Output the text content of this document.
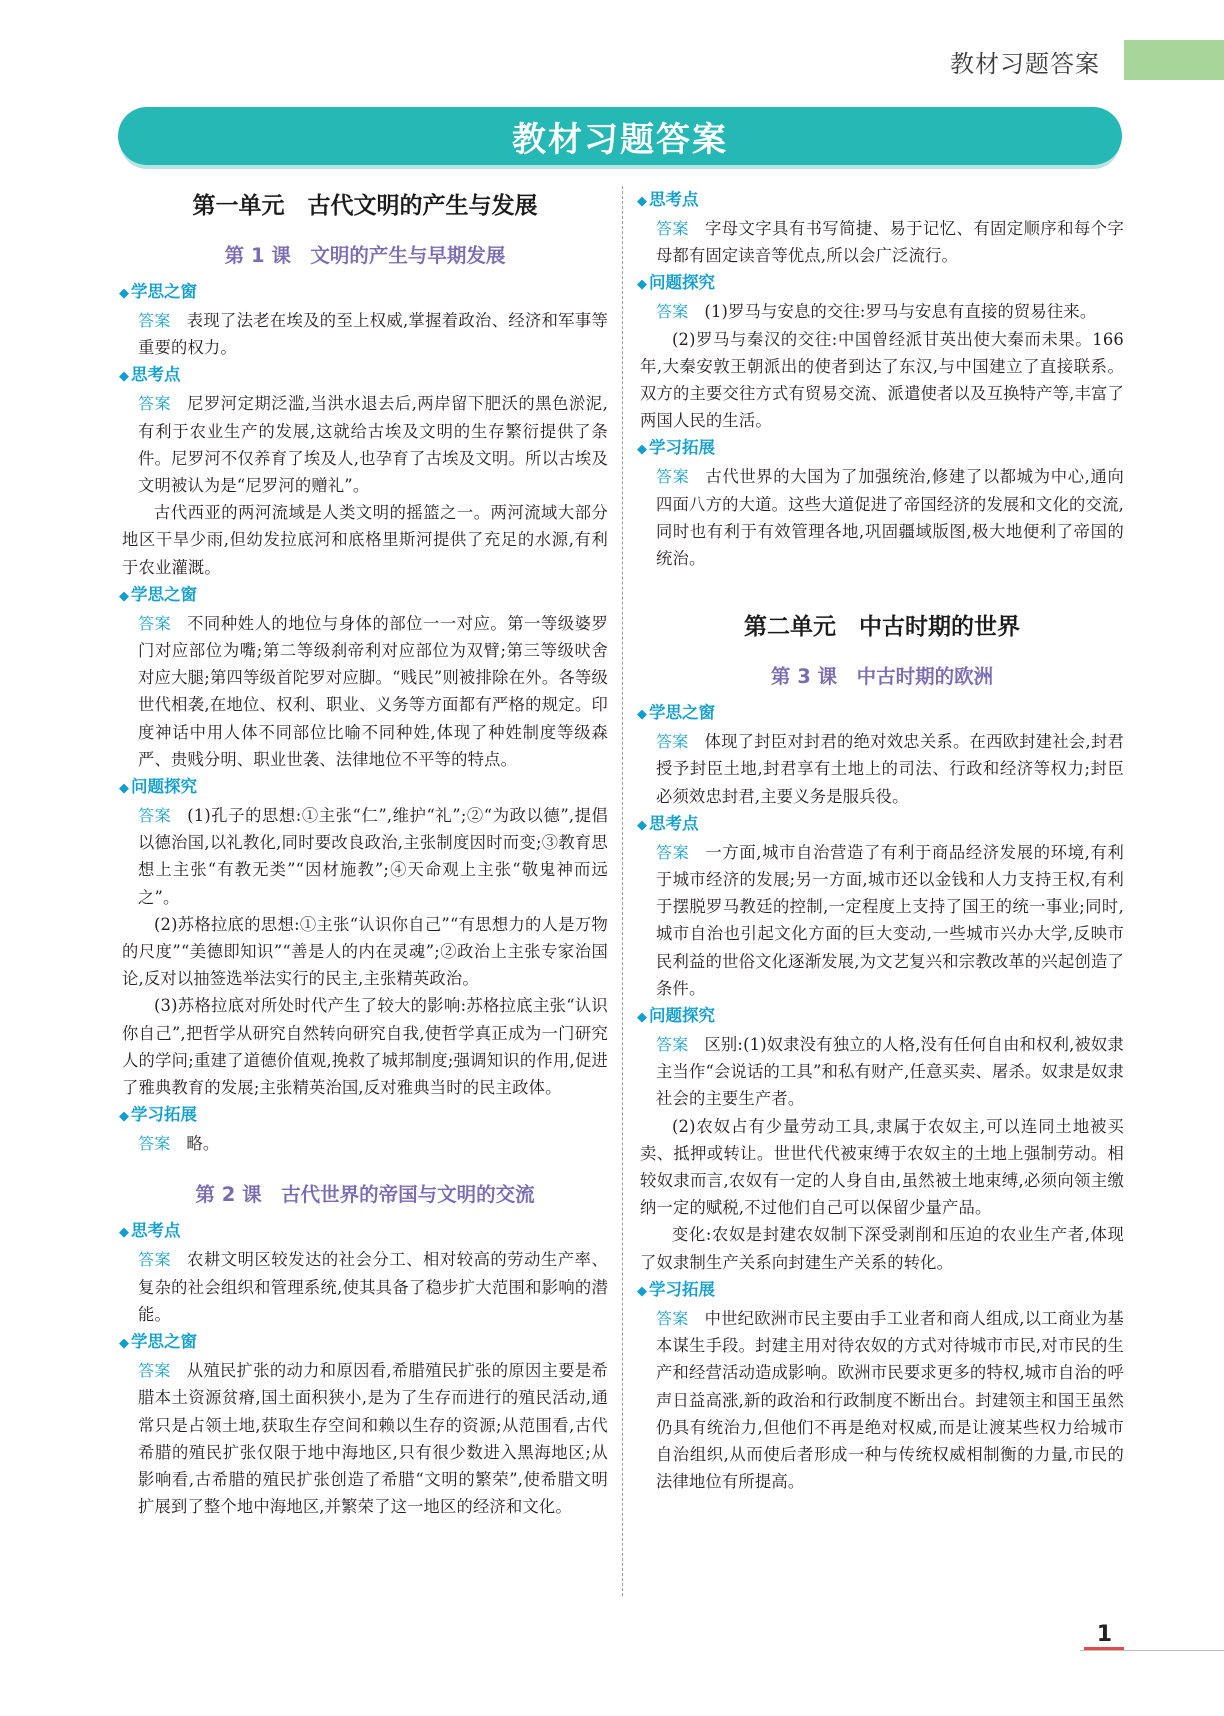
教材习题答案
教材习题答案
第一单元　古代文明的产生与发展
第 1 课　文明的产生与早期发展
◆ 学思之窗

答案 表现了法老在埃及的至上权威,掌握着政治、经济和军事等重要的权力。

◆ 思考点

答案 尼罗河定期泛滥,当洪水退去后,两岸留下肥沃的黑色淤泥,有利于农业生产的发展,这就给古埃及文明的生存繁衍提供了条件。尼罗河不仅养育了埃及人,也孕育了古埃及文明。所以古埃及文明被认为是“尼罗河的赠礼”。

古代西亚的两河流域是人类文明的摇篮之一。两河流域大部分地区干旱少雨,但幼发拉底河和底格里斯河提供了充足的水源,有利于农业灌溉。

◆ 学思之窗

答案 不同种姓人的地位与身体的部位一一对应。第一等级婆罗门对应部位为嘴;第二等级刹帝利对应部位为双臂;第三等级吠舍对应大腿;第四等级首陀罗对应脚。“贱民”则被排除在外。各等级世代相袭,在地位、权利、职业、义务等方面都有严格的规定。印度神话中用人体不同部位比喻不同种姓,体现了种姓制度等级森严、贵贱分明、职业世袭、法律地位不平等的特点。

◆ 问题探究

答案 (1)孔子的思想:①主张“仁”,维护“礼”;②“为政以德”,提倡以德治国,以礼教化,同时要改良政治,主张制度因时而变;③教育思想上主张“有教无类”“因材施教”;④天命观上主张“敬鬼神而远之”。

(2)苏格拉底的思想:①主张“认识你自己”“有思想力的人是万物的尺度”“美德即知识”“善是人的内在灵魂”;②政治上主张专家治国论,反对以抽签选举法实行的民主,主张精英政治。

(3)苏格拉底对所处时代产生了较大的影响:苏格拉底主张“认识你自己”,把哲学从研究自然转向研究自我,使哲学真正成为一门研究人的学问;重建了道德价值观,挽救了城邦制度;强调知识的作用,促进了雅典教育的发展;主张精英治国,反对雅典当时的民主政体。

◆ 学习拓展

答案 略。

第 2 课　古代世界的帝国与文明的交流
◆ 思考点

答案 农耕文明区较发达的社会分工、相对较高的劳动生产率、复杂的社会组织和管理系统,使其具备了稳步扩大范围和影响的潜能。

◆ 学思之窗

答案 从殖民扩张的动力和原因看,希腊殖民扩张的原因主要是希腊本土资源贫瘠,国土面积狭小,是为了生存而进行的殖民活动,通常只是占领土地,获取生存空间和赖以生存的资源;从范围看,古代希腊的殖民扩张仅限于地中海地区,只有很少数进入黑海地区;从影响看,古希腊的殖民扩张创造了希腊“文明的繁荣”,使希腊文明扩展到了整个地中海地区,并繁荣了这一地区的经济和文化。

◆ 思考点

答案 字母文字具有书写简捷、易于记忆、有固定顺序和每个字母都有固定读音等优点,所以会广泛流行。

◆ 问题探究

答案 (1)罗马与安息的交往:罗马与安息有直接的贸易往来。

(2)罗马与秦汉的交往:中国曾经派甘英出使大秦而未果。166 年,大秦安敦王朝派出的使者到达了东汉,与中国建立了直接联系。双方的主要交往方式有贸易交流、派遣使者以及互换特产等,丰富了两国人民的生活。

◆ 学习拓展

答案 古代世界的大国为了加强统治,修建了以都城为中心,通向四面八方的大道。这些大道促进了帝国经济的发展和文化的交流,同时也有利于有效管理各地,巩固疆域版图,极大地便利了帝国的统治。

第二单元　中古时期的世界
第 3 课　中古时期的欧洲
◆ 学思之窗

答案 体现了封臣对封君的绝对效忠关系。在西欧封建社会,封君授予封臣土地,封君享有土地上的司法、行政和经济等权力;封臣必须效忠封君,主要义务是服兵役。

◆ 思考点

答案 一方面,城市自治营造了有利于商品经济发展的环境,有利于城市经济的发展;另一方面,城市还以金钱和人力支持王权,有利于摆脱罗马教廷的控制,一定程度上支持了国王的统一事业;同时,城市自治也引起文化方面的巨大变动,一些城市兴办大学,反映市民利益的世俗文化逐渐发展,为文艺复兴和宗教改革的兴起创造了条件。

◆ 问题探究

答案 区别:(1)奴隶没有独立的人格,没有任何自由和权利,被奴隶主当作“会说话的工具”和私有财产,任意买卖、屠杀。奴隶是奴隶社会的主要生产者。

(2)农奴占有少量劳动工具,隶属于农奴主,可以连同土地被买卖、抵押或转让。世世代代被束缚于农奴主的土地上强制劳动。相较奴隶而言,农奴有一定的人身自由,虽然被土地束缚,必须向领主缴纳一定的赋税,不过他们自己可以保留少量产品。

变化:农奴是封建农奴制下深受剥削和压迫的农业生产者,体现了奴隶制生产关系向封建生产关系的转化。

◆ 学习拓展

答案 中世纪欧洲市民主要由手工业者和商人组成,以工商业为基本谋生手段。封建主用对待农奴的方式对待城市市民,对市民的生产和经营活动造成影响。欧洲市民要求更多的特权,城市自治的呼声日益高涨,新的政治和行政制度不断出台。封建领主和国王虽然仍具有统治力,但他们不再是绝对权威,而是让渡某些权力给城市自治组织,从而使后者形成一种与传统权威相制衡的力量,市民的法律地位有所提高。

1
